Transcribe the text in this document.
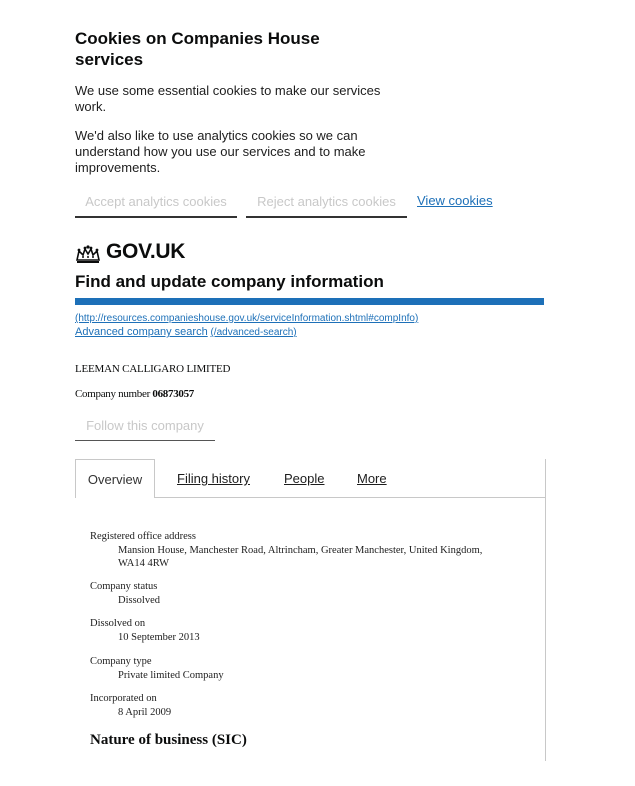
Cookies on Companies House services
We use some essential cookies to make our services work.
We'd also like to use analytics cookies so we can understand how you use our services and to make improvements.
Accept analytics cookies	Reject analytics cookies	View cookies
GOV.UK
Find and update company information
(http://resources.companieshouse.gov.uk/serviceInformation.shtml#compInfo)
Advanced company search (/advanced-search)
LEEMAN CALLIGARO LIMITED
Company number 06873057
Follow this company
Overview	Filing history	People	More
Registered office address
Mansion House, Manchester Road, Altrincham, Greater Manchester, United Kingdom,
WA14 4RW
Company status
Dissolved
Dissolved on
10 September 2013
Company type
Private limited Company
Incorporated on
8 April 2009
Nature of business (SIC)
